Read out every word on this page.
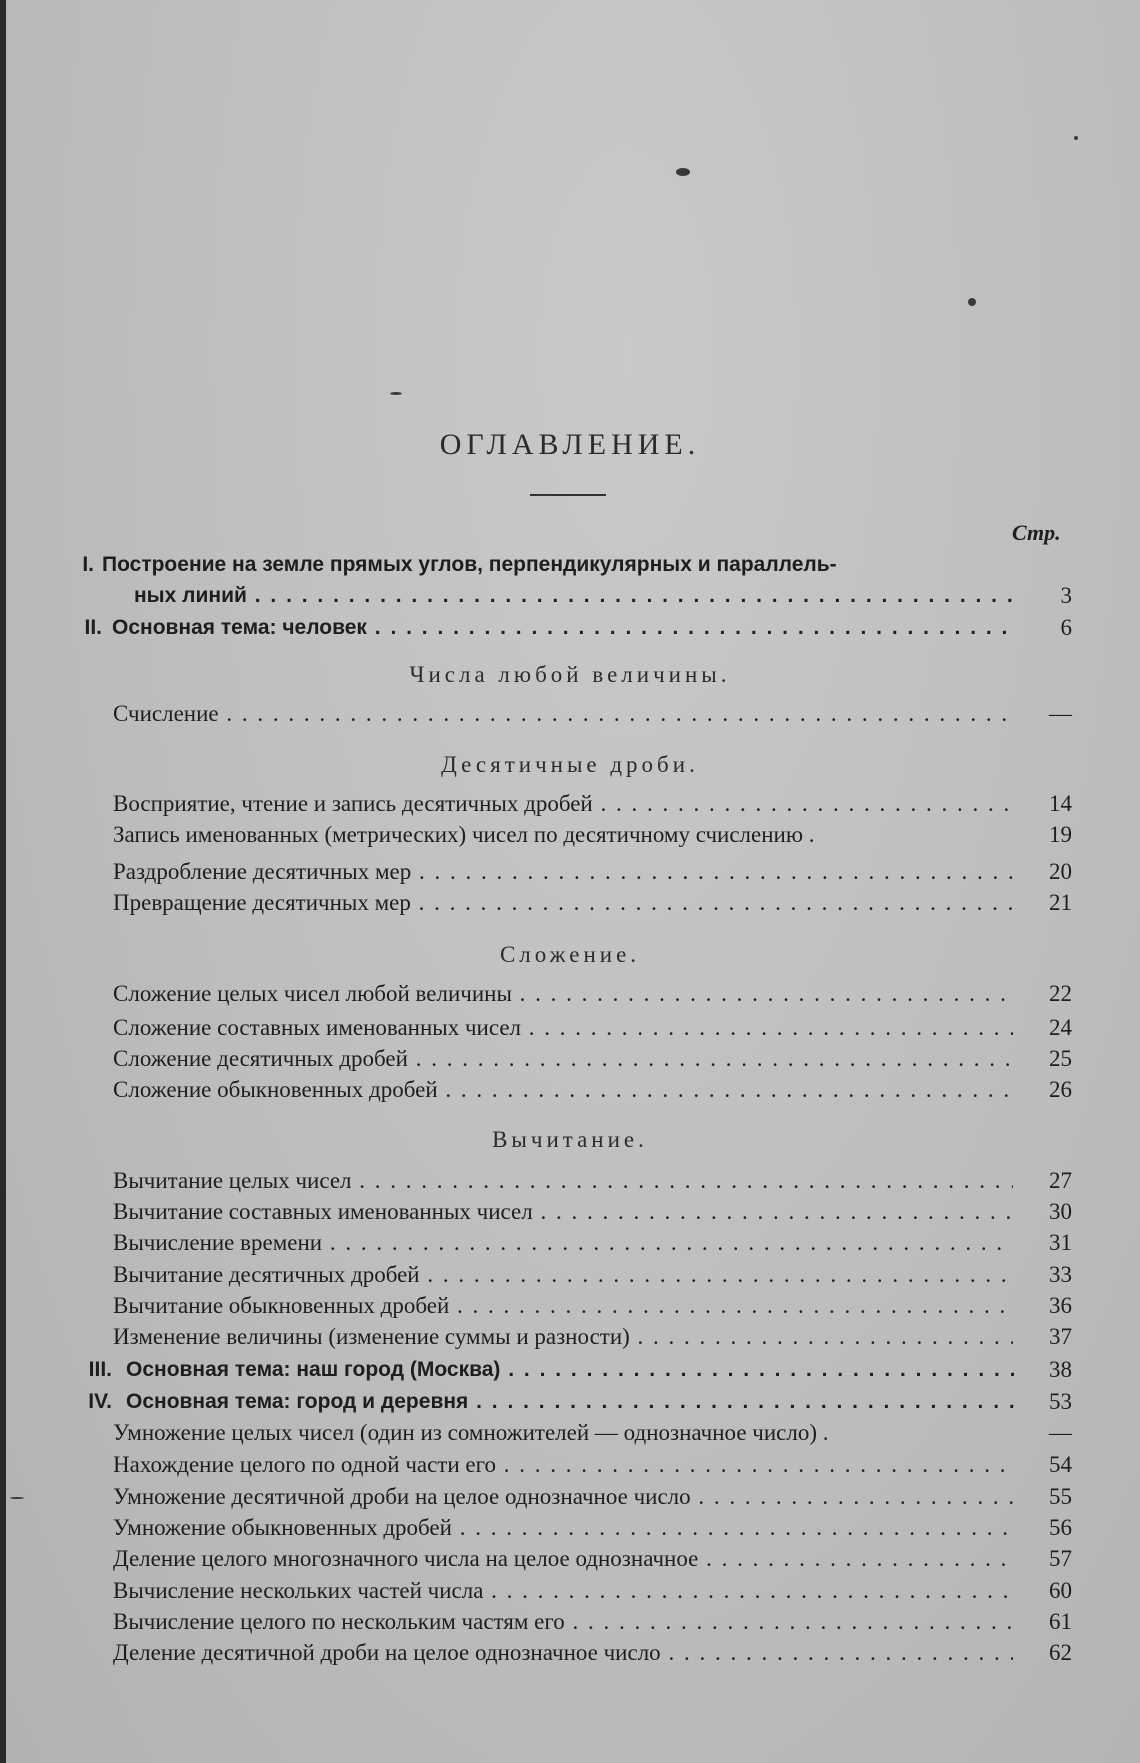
ОГЛАВЛЕНИЕ.
Стр.
I. Построение на земле прямых углов, перпендикулярных и параллель-
ных линий . . .	3
II. Основная тема: человек . . .	6
Числа любой величины.
Счисление . . .	—
Десятичные дроби.
Восприятие, чтение и запись десятичных дробей . . .	14
Запись именованных (метрических) чисел по десятичному счислению .	19
Раздробление десятичных мер . . .	20
Превращение десятичных мер . . .	21
Сложение.
Сложение целых чисел любой величины . . .	22
Сложение составных именованных чисел . . .	24
Сложение десятичных дробей . . .	25
Сложение обыкновенных дробей . . .	26
Вычитание.
Вычитание целых чисел . . .	27
Вычитание составных именованных чисел . . .	30
Вычисление времени . . .	31
Вычитание десятичных дробей . . .	33
Вычитание обыкновенных дробей . . .	36
Изменение величины (изменение суммы и разности) . . .	37
III. Основная тема: наш город (Москва) . . .	38
IV. Основная тема: город и деревня . . .	53
Умножение целых чисел (один из сомножителей — однозначное число) .	—
Нахождение целого по одной части его . . .	54
Умножение десятичной дроби на целое однозначное число . . .	55
Умножение обыкновенных дробей . . .	56
Деление целого многозначного числа на целое однозначное . . .	57
Вычисление нескольких частей числа . . .	60
Вычисление целого по нескольким частям его . . .	61
Деление десятичной дроби на целое однозначное число . . .	62
